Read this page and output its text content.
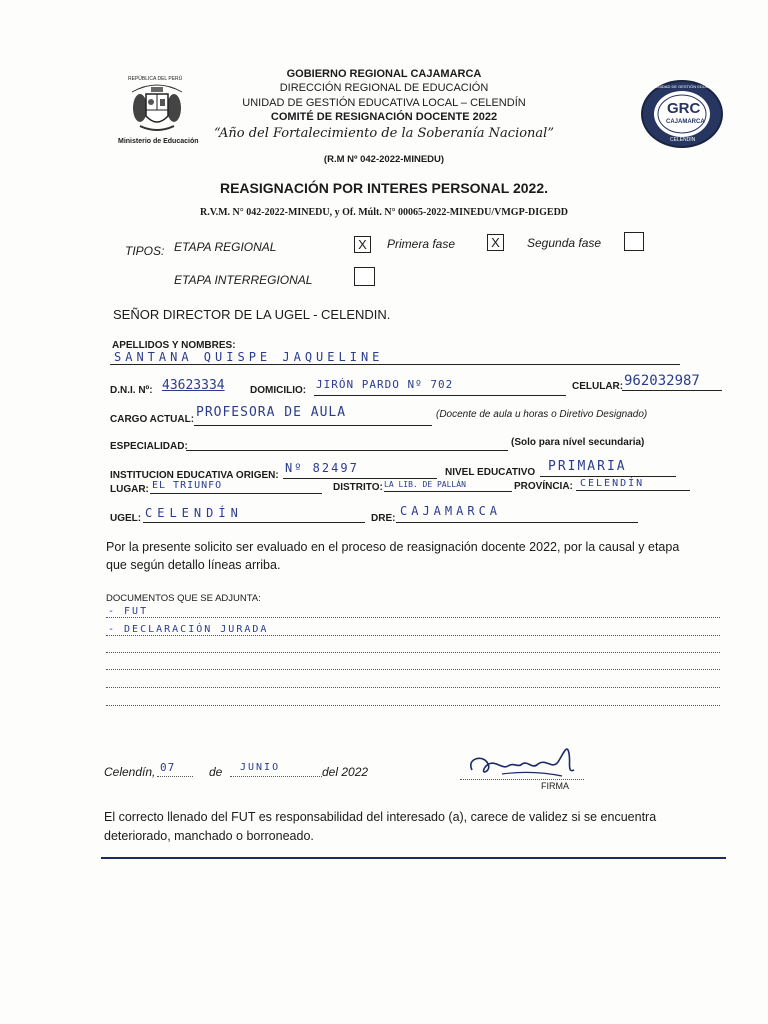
REPÚBLICA DEL PERÚ
Ministerio de Educación
UNIDAD DE GESTIÓN EDUCATIVA LOCAL
GRC
CAJAMARCA
CELENDÍN
GOBIERNO REGIONAL CAJAMARCA
DIRECCIÓN REGIONAL DE EDUCACIÓN
UNIDAD DE GESTIÓN EDUCATIVA LOCAL – CELENDÍN
COMITÉ DE RESIGNACIÓN DOCENTE 2022
“Año del Fortalecimiento de la Soberanía Nacional”
(R.M Nº 042-2022-MINEDU)
REASIGNACIÓN POR INTERES PERSONAL 2022.
R.V.M. N° 042-2022-MINEDU, y Of. Múlt. N° 00065-2022-MINEDU/VMGP-DIGEDD
TIPOS: ETAPA REGIONAL	X	Primera fase	X	Segunda fase
ETAPA INTERREGIONAL
SEÑOR DIRECTOR DE LA UGEL - CELENDIN.
APELLIDOS Y NOMBRES:
SANTANA QUISPE JAQUELINE
D.N.I. Nº: 43623334	DOMICILIO: JIRÓN PARDO Nº 702	CELULAR: 962032987
CARGO ACTUAL: PROFESORA DE AULA	(Docente de aula u horas o Diretivo Designado)
ESPECIALIDAD:	(Solo para nível secundaria)
INSTITUCION EDUCATIVA ORIGEN:
Nº 82497	NIVEL EDUCATIVO PRIMARIA
LUGAR: EL TRIUNFO	DISTRITO: LA LIB. DE PALLÁN	PROVÍNCIA: CELENDÍN
UGEL: CELENDÍN	DRE:
CAJAMARCA
Por la presente solicito ser evaluado en el proceso de reasignación docente 2022, por la causal y etapa que según detallo líneas arriba.
DOCUMENTOS QUE SE ADJUNTA:
- FUT
- DECLARACIÓN JURADA
Celendín, 07	de JUNIO	del 2022
FIRMA
El correcto llenado del FUT es responsabilidad del interesado (a), carece de validez si se encuentra deteriorado, manchado o borroneado.
